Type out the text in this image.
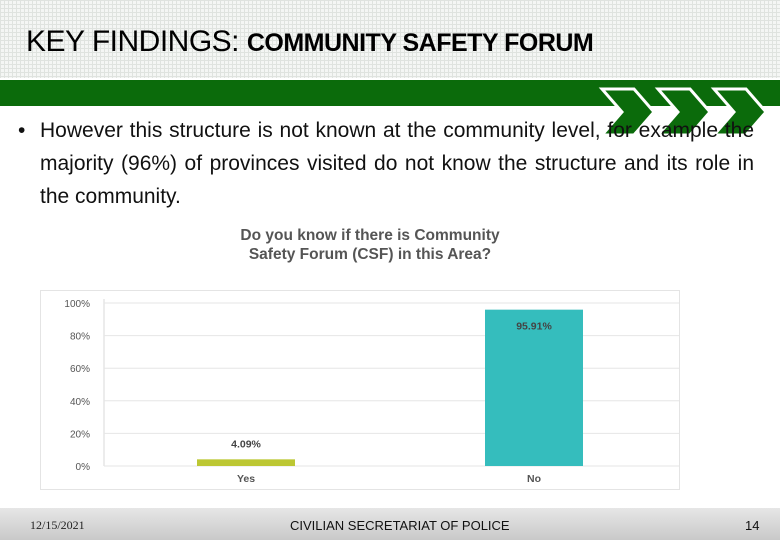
KEY FINDINGS: COMMUNITY SAFETY FORUM
• However this structure is not known at the community level, for example the majority (96%) of provinces visited do not know the structure and its role in the community.
Do you know if there is Community
Safety Forum (CSF) in this Area?
0%
20%
40%
60%
80%
100%
4.09%
Yes
95.91%
No
12/15/2021	CIVILIAN SECRETARIAT OF POLICE	14
